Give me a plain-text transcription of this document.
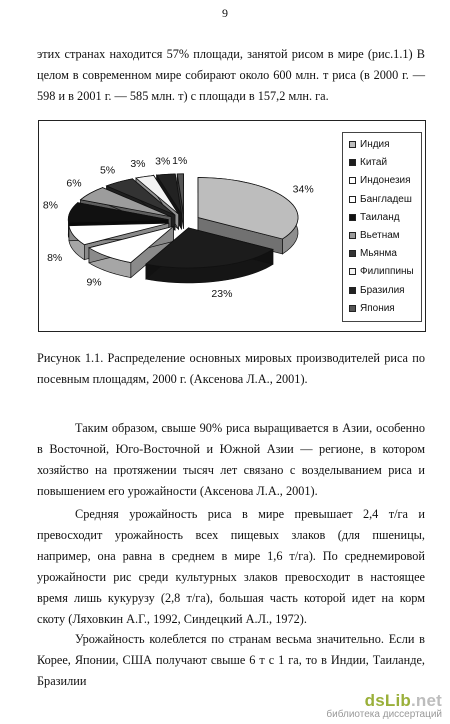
9

этих странах находится 57% площади, занятой рисом в мире (рис.1.1) В целом в современном мире собирают около 600 млн. т риса (в 2000 г. — 598 и в 2001 г. — 585 млн. т) с площади в 157,2 млн. га.

34%
23%
9%
8%
8%
6%
5%
3% 3% 1%
Индия
Китай
Индонезия
Бангладеш
Таиланд
Вьетнам
Мьянма
Филиппины
Бразилия
Япония

Рисунок 1.1. Распределение основных мировых производителей риса по посевным площадям, 2000 г. (Аксенова Л.А., 2001).

Таким образом, свыше 90% риса выращивается в Азии, особенно в Восточной, Юго-Восточной и Южной Азии — регионе, в котором хозяйство на протяжении тысяч лет связано с возделыванием риса и повышением его урожайности (Аксенова Л.А., 2001).

Средняя урожайность риса в мире превышает 2,4 т/га и превосходит урожайность всех пищевых злаков (для пшеницы, например, она равна в среднем в мире 1,6 т/га). По среднемировой урожайности рис среди культурных злаков превосходит в настоящее время лишь кукурузу (2,8 т/га), большая часть которой идет на корм скоту (Ляховкин А.Г., 1992, Синдецкий А.Л., 1972).

Урожайность колеблется по странам весьма значительно. Если в Корее, Японии, США получают свыше 6 т с 1 га, то в Индии, Таиланде, Бразилии

dsLib.net
библиотека диссертаций
